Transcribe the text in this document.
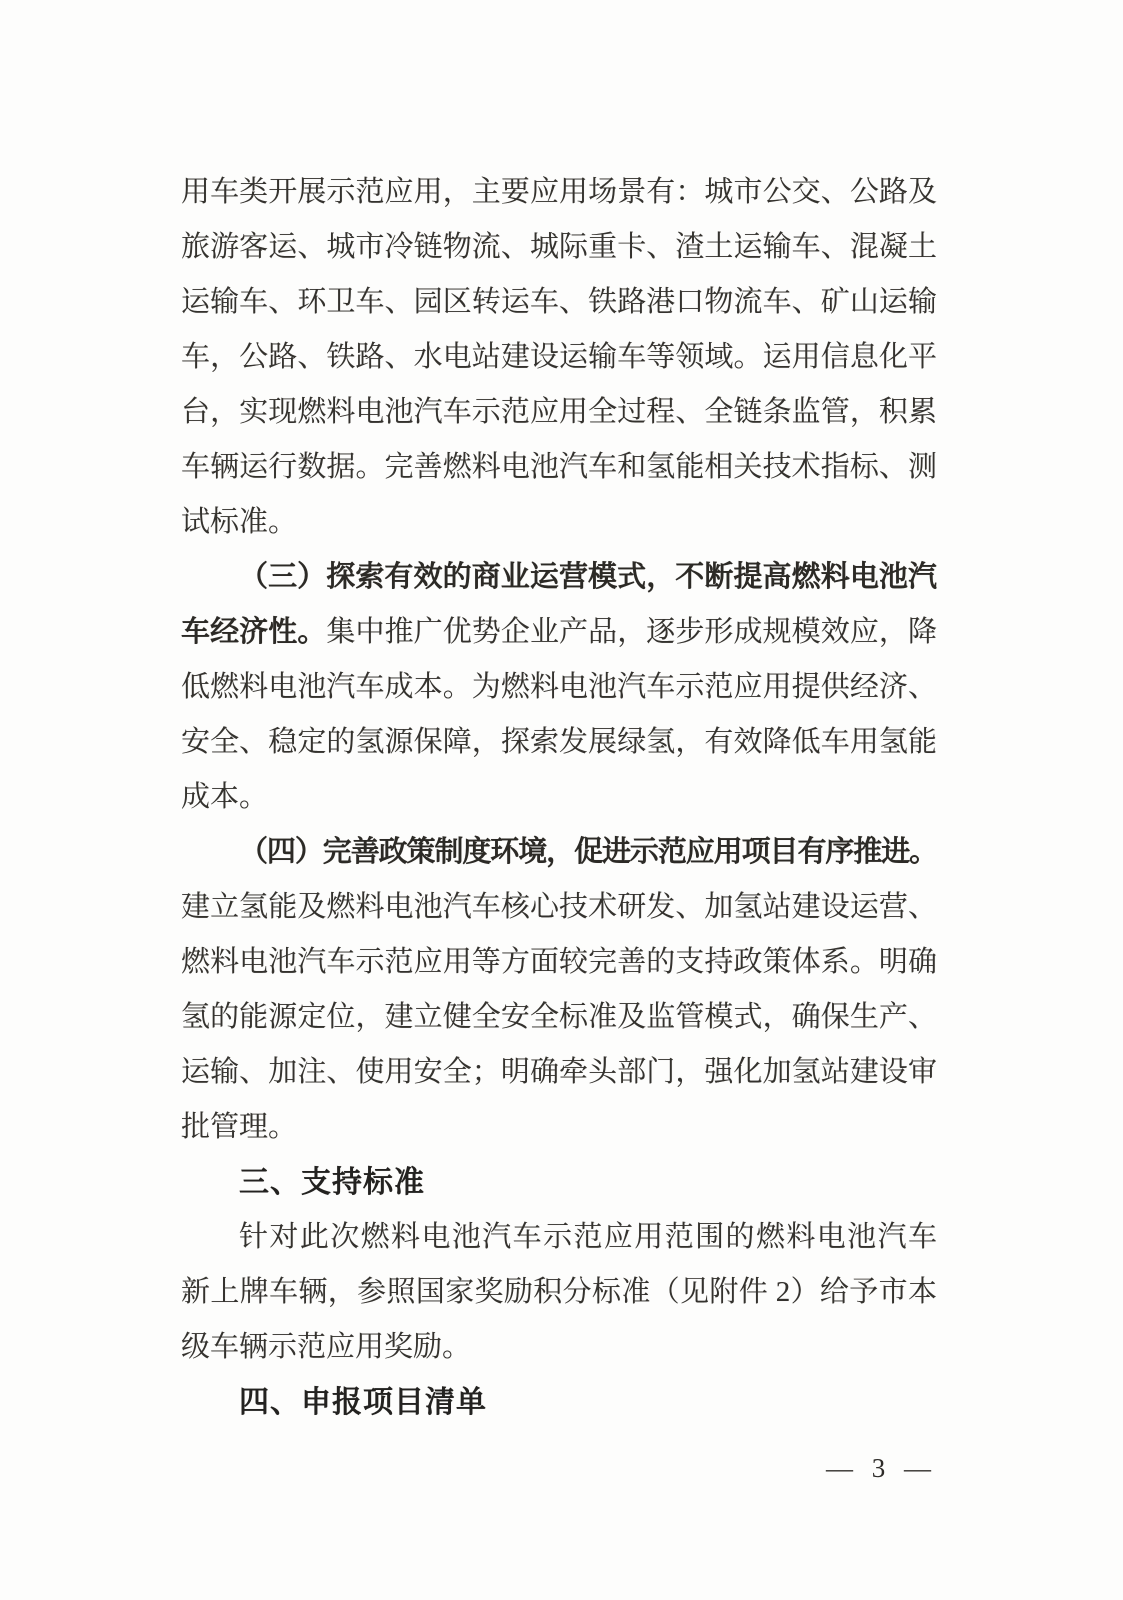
用车类开展示范应用，主要应用场景有：城市公交、公路及
旅游客运、城市冷链物流、城际重卡、渣土运输车、混凝土
运输车、环卫车、园区转运车、铁路港口物流车、矿山运输
车，公路、铁路、水电站建设运输车等领域。运用信息化平
台，实现燃料电池汽车示范应用全过程、全链条监管，积累
车辆运行数据。完善燃料电池汽车和氢能相关技术指标、测
试标准。
（三）探索有效的商业运营模式，不断提高燃料电池汽
车经济性。集中推广优势企业产品，逐步形成规模效应，降
低燃料电池汽车成本。为燃料电池汽车示范应用提供经济、
安全、稳定的氢源保障，探索发展绿氢，有效降低车用氢能
成本。
（四）完善政策制度环境，促进示范应用项目有序推进。
建立氢能及燃料电池汽车核心技术研发、加氢站建设运营、
燃料电池汽车示范应用等方面较完善的支持政策体系。明确
氢的能源定位，建立健全安全标准及监管模式，确保生产、
运输、加注、使用安全；明确牵头部门，强化加氢站建设审
批管理。
三、支持标准
针对此次燃料电池汽车示范应用范围的燃料电池汽车
新上牌车辆，参照国家奖励积分标准（见附件 2）给予市本
级车辆示范应用奖励。
四、申报项目清单
— 3 —
